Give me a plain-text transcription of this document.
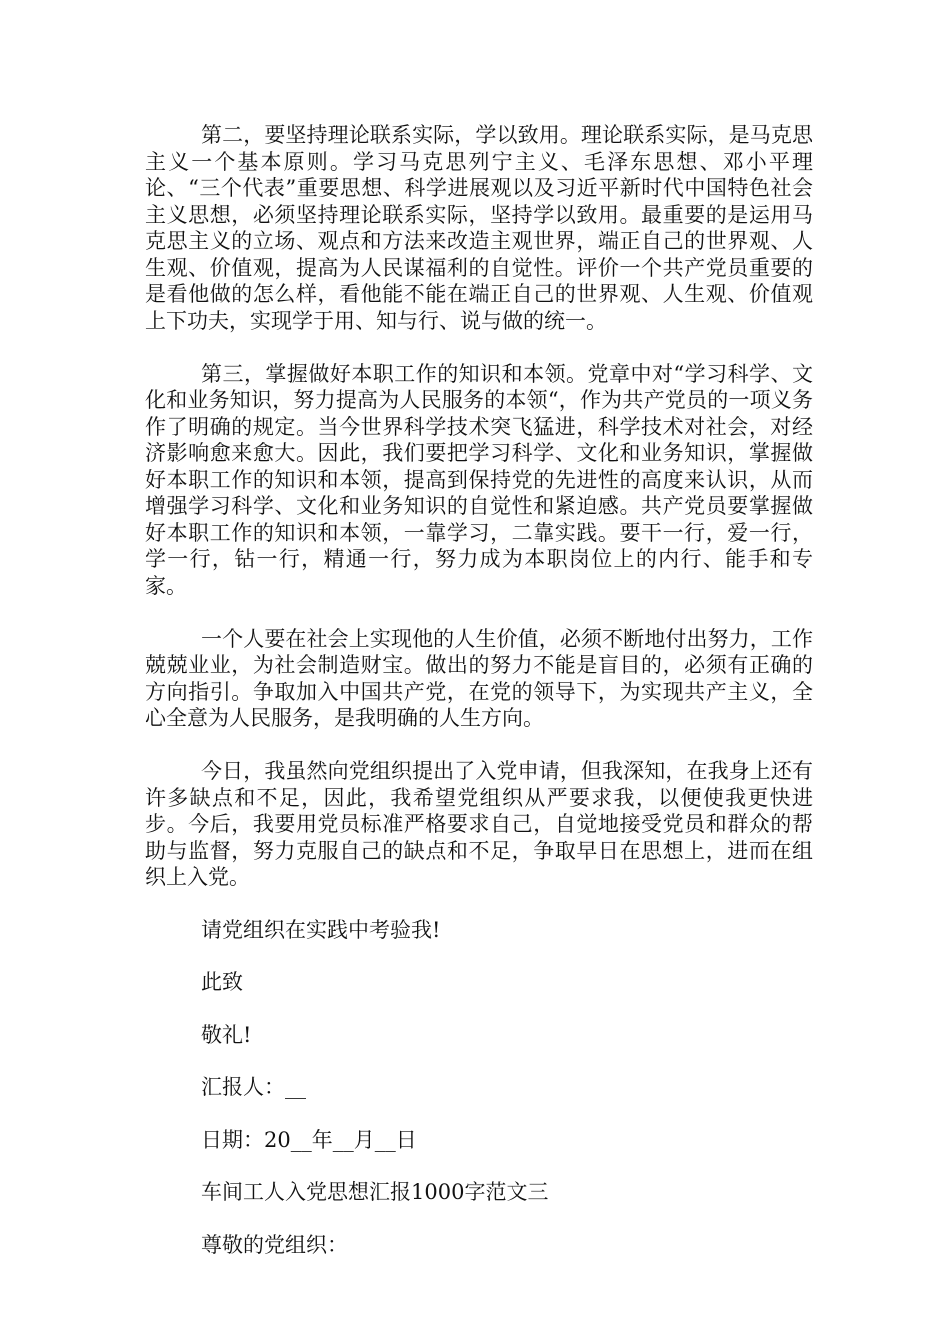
第二，要坚持理论联系实际，学以致用。理论联系实际，是马克思主义一个基本原则。学习马克思列宁主义、毛泽东思想、邓小平理论、“三个代表”重要思想、科学进展观以及习近平新时代中国特色社会主义思想，必须坚持理论联系实际，坚持学以致用。最重要的是运用马克思主义的立场、观点和方法来改造主观世界，端正自己的世界观、人生观、价值观，提高为人民谋福利的自觉性。评价一个共产党员重要的是看他做的怎么样，看他能不能在端正自己的世界观、人生观、价值观上下功夫，实现学于用、知与行、说与做的统一。

第三，掌握做好本职工作的知识和本领。党章中对“学习科学、文化和业务知识，努力提高为人民服务的本领“，作为共产党员的一项义务作了明确的规定。当今世界科学技术突飞猛进，科学技术对社会，对经济影响愈来愈大。因此，我们要把学习科学、文化和业务知识，掌握做好本职工作的知识和本领，提高到保持党的先进性的高度来认识，从而增强学习科学、文化和业务知识的自觉性和紧迫感。共产党员要掌握做好本职工作的知识和本领，一靠学习，二靠实践。要干一行，爱一行，学一行，钻一行，精通一行，努力成为本职岗位上的内行、能手和专家。

一个人要在社会上实现他的人生价值，必须不断地付出努力，工作兢兢业业，为社会制造财宝。做出的努力不能是盲目的，必须有正确的方向指引。争取加入中国共产党，在党的领导下，为实现共产主义，全心全意为人民服务，是我明确的人生方向。

今日，我虽然向党组织提出了入党申请，但我深知，在我身上还有许多缺点和不足，因此，我希望党组织从严要求我，以便使我更快进步。今后，我要用党员标准严格要求自己，自觉地接受党员和群众的帮助与监督，努力克服自己的缺点和不足，争取早日在思想上，进而在组织上入党。

请党组织在实践中考验我!

此致

敬礼!

汇报人：__

日期：20__年__月__日

车间工人入党思想汇报1000字范文三

尊敬的党组织：
